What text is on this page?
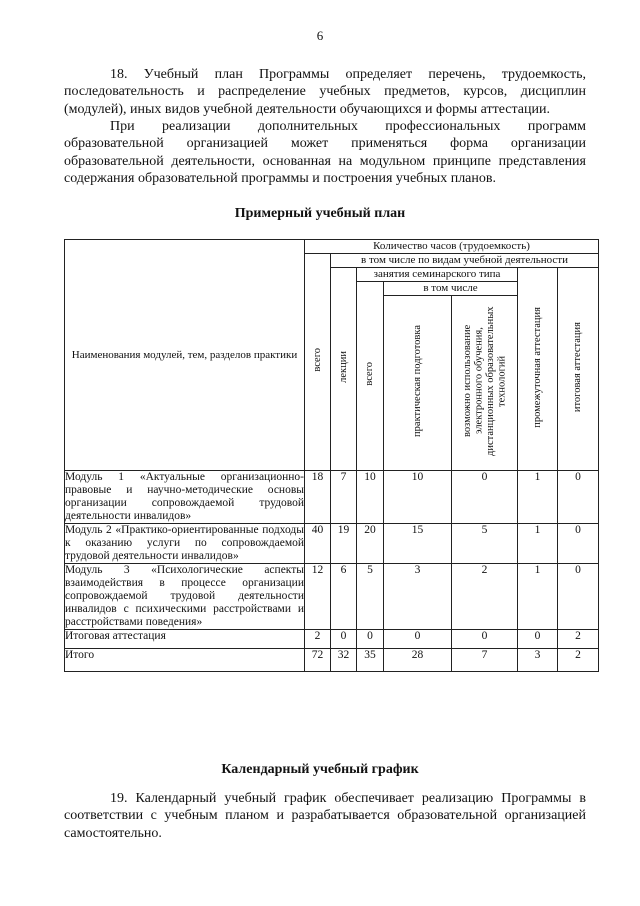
6

18. Учебный план Программы определяет перечень, трудоемкость, последовательность и распределение учебных предметов, курсов, дисциплин (модулей), иных видов учебной деятельности обучающихся и формы аттестации.

При реализации дополнительных профессиональных программ образовательной организацией может применяться форма организации образовательной деятельности, основанная на модульном принципе представления содержания образовательной программы и построения учебных планов.

Примерный учебный план
Наименования модулей, тем, разделов практики	Количество часов (трудоемкость)						
	всего	в том числе по видам учебной деятельности					
		лекции	занятия семинарского типа			промежуточная аттестация	итоговая аттестация
			всего	в том числе			
				практическая подготовка	возможно использование электронного обучения, дистанционных образовательных технологий		
Модуль 1 «Актуальные организационно-правовые и научно-методические основы организации сопровождаемой трудовой деятельности инвалидов»	18	7	10	10	0	1	0
Модуль 2 «Практико-ориентированные подходы к оказанию услуги по сопровождаемой трудовой деятельности инвалидов»	40	19	20	15	5	1	0
Модуль 3 «Психологические аспекты взаимодействия в процессе организации сопровождаемой трудовой деятельности инвалидов с психическими расстройствами и расстройствами поведения»	12	6	5	3	2	1	0
Итоговая аттестация	2	0	0	0	0	0	2
Итого	72	32	35	28	7	3	2
Календарный учебный график

19. Календарный учебный график обеспечивает реализацию Программы в соответствии с учебным планом и разрабатывается образовательной организацией самостоятельно.
